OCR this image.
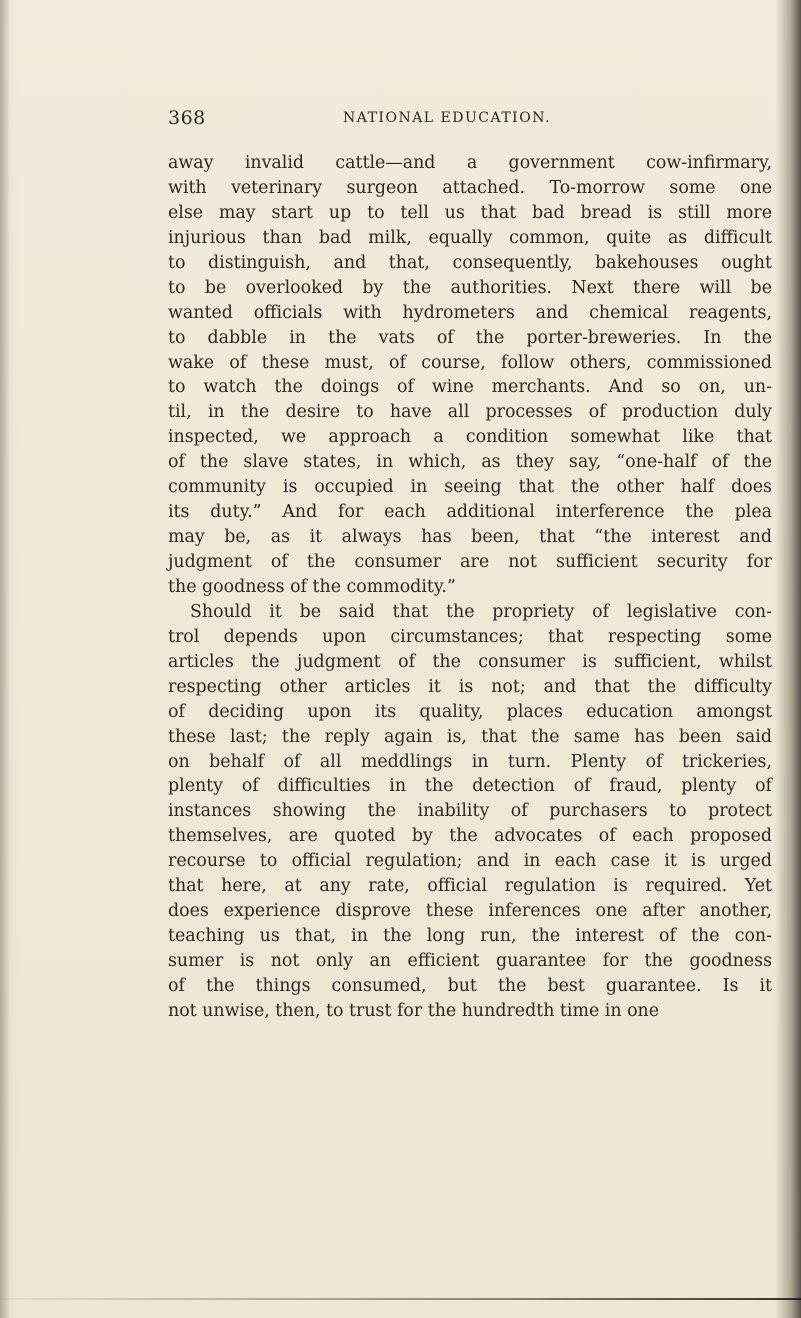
368	NATIONAL EDUCATION.
away invalid cattle—and a government cow-infirmary,
with veterinary surgeon attached. To-morrow some one
else may start up to tell us that bad bread is still more
injurious than bad milk, equally common, quite as difficult
to distinguish, and that, consequently, bakehouses ought
to be overlooked by the authorities. Next there will be
wanted officials with hydrometers and chemical reagents,
to dabble in the vats of the porter-breweries. In the
wake of these must, of course, follow others, commissioned
to watch the doings of wine merchants. And so on, un-
til, in the desire to have all processes of production duly
inspected, we approach a condition somewhat like that
of the slave states, in which, as they say, “one-half of the
community is occupied in seeing that the other half does
its duty.” And for each additional interference the plea
may be, as it always has been, that “the interest and
judgment of the consumer are not sufficient security for
the goodness of the commodity.”
Should it be said that the propriety of legislative con-
trol depends upon circumstances; that respecting some
articles the judgment of the consumer is sufficient, whilst
respecting other articles it is not; and that the difficulty
of deciding upon its quality, places education amongst
these last; the reply again is, that the same has been said
on behalf of all meddlings in turn. Plenty of trickeries,
plenty of difficulties in the detection of fraud, plenty of
instances showing the inability of purchasers to protect
themselves, are quoted by the advocates of each proposed
recourse to official regulation; and in each case it is urged
that here, at any rate, official regulation is required. Yet
does experience disprove these inferences one after another,
teaching us that, in the long run, the interest of the con-
sumer is not only an efficient guarantee for the goodness
of the things consumed, but the best guarantee. Is it
not unwise, then, to trust for the hundredth time in one
